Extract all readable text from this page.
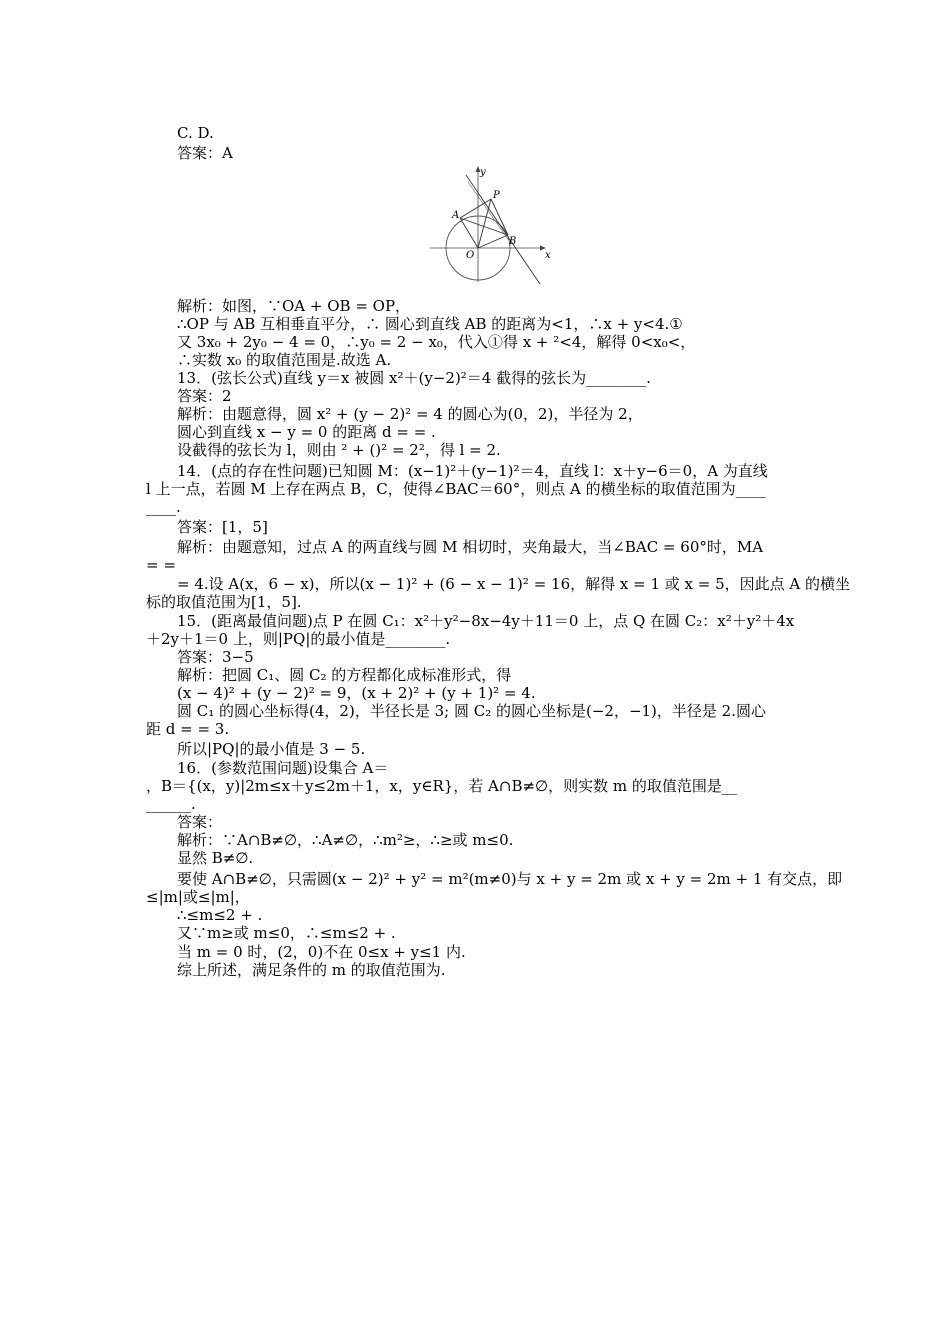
C. D.
答案：A
y
x
O
A
B
P
解析：如图，∵OA + OB = OP，
∴OP 与 AB 互相垂直平分，∴ 圆心到直线 AB 的距离为<1，∴x + y<4.①
又 3x₀ + 2y₀ − 4 = 0，∴y₀ = 2 − x₀，代入①得 x + ²<4，解得 0<x₀<，
∴实数 x₀ 的取值范围是.故选 A.
13．(弦长公式)直线 y＝x 被圆 x²＋(y−2)²＝4 截得的弦长为________.
答案：2
解析：由题意得，圆 x² + (y − 2)² = 4 的圆心为(0，2)，半径为 2，
圆心到直线 x − y = 0 的距离 d = = .
设截得的弦长为 l，则由 ² + ()² = 2²，得 l = 2.
14．(点的存在性问题)已知圆 M：(x−1)²＋(y−1)²＝4，直线 l：x＋y−6＝0，A 为直线
l 上一点，若圆 M 上存在两点 B，C，使得∠BAC＝60°，则点 A 的横坐标的取值范围为____
____.
答案：[1，5]
解析：由题意知，过点 A 的两直线与圆 M 相切时，夹角最大，当∠BAC = 60°时，MA
= =
= 4.设 A(x，6 − x)，所以(x − 1)² + (6 − x − 1)² = 16，解得 x = 1 或 x = 5，因此点 A 的横坐
标的取值范围为[1，5].
15．(距离最值问题)点 P 在圆 C₁：x²＋y²−8x−4y＋11＝0 上，点 Q 在圆 C₂：x²＋y²＋4x
＋2y＋1＝0 上，则|PQ|的最小值是________.
答案：3−5
解析：把圆 C₁、圆 C₂ 的方程都化成标准形式，得
(x − 4)² + (y − 2)² = 9，(x + 2)² + (y + 1)² = 4.
圆 C₁ 的圆心坐标得(4，2)，半径长是 3; 圆 C₂ 的圆心坐标是(−2，−1)，半径是 2.圆心
距 d = = 3.
所以|PQ|的最小值是 3 − 5.
16．(参数范围问题)设集合 A＝
，B＝{(x，y)|2m≤x＋y≤2m＋1，x，y∈R}，若 A∩B≠∅，则实数 m 的取值范围是__
______.
答案：
解析：∵A∩B≠∅，∴A≠∅，∴m²≥，∴≥或 m≤0.
显然 B≠∅.
要使 A∩B≠∅，只需圆(x − 2)² + y² = m²(m≠0)与 x + y = 2m 或 x + y = 2m + 1 有交点，即
≤|m|或≤|m|，
∴≤m≤2 + .
又∵m≥或 m≤0，∴≤m≤2 + .
当 m = 0 时，(2，0)不在 0≤x + y≤1 内.
综上所述，满足条件的 m 的取值范围为.
